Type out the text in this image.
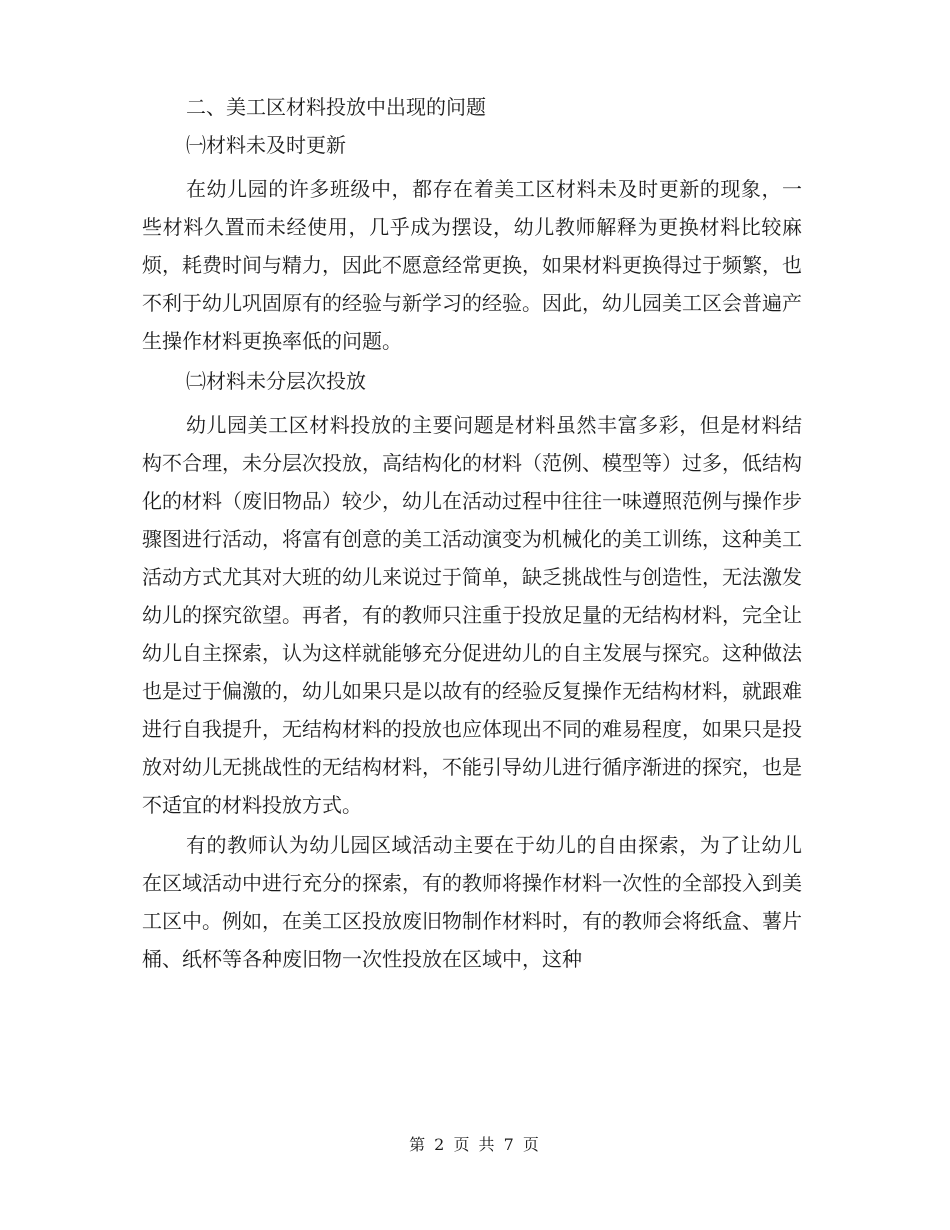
二、美工区材料投放中出现的问题

㈠材料未及时更新

在幼儿园的许多班级中，都存在着美工区材料未及时更新的现象，一些材料久置而未经使用，几乎成为摆设，幼儿教师解释为更换材料比较麻烦，耗费时间与精力，因此不愿意经常更换，如果材料更换得过于频繁，也不利于幼儿巩固原有的经验与新学习的经验。因此，幼儿园美工区会普遍产生操作材料更换率低的问题。

㈡材料未分层次投放

幼儿园美工区材料投放的主要问题是材料虽然丰富多彩，但是材料结构不合理，未分层次投放，高结构化的材料（范例、模型等）过多，低结构化的材料（废旧物品）较少，幼儿在活动过程中往往一味遵照范例与操作步骤图进行活动，将富有创意的美工活动演变为机械化的美工训练，这种美工活动方式尤其对大班的幼儿来说过于简单，缺乏挑战性与创造性，无法激发幼儿的探究欲望。再者，有的教师只注重于投放足量的无结构材料，完全让幼儿自主探索，认为这样就能够充分促进幼儿的自主发展与探究。这种做法也是过于偏激的，幼儿如果只是以故有的经验反复操作无结构材料，就跟难进行自我提升，无结构材料的投放也应体现出不同的难易程度，如果只是投放对幼儿无挑战性的无结构材料，不能引导幼儿进行循序渐进的探究，也是不适宜的材料投放方式。

有的教师认为幼儿园区域活动主要在于幼儿的自由探索，为了让幼儿在区域活动中进行充分的探索，有的教师将操作材料一次性的全部投入到美工区中。例如，在美工区投放废旧物制作材料时，有的教师会将纸盒、薯片桶、纸杯等各种废旧物一次性投放在区域中，这种

第 2 页 共 7 页
